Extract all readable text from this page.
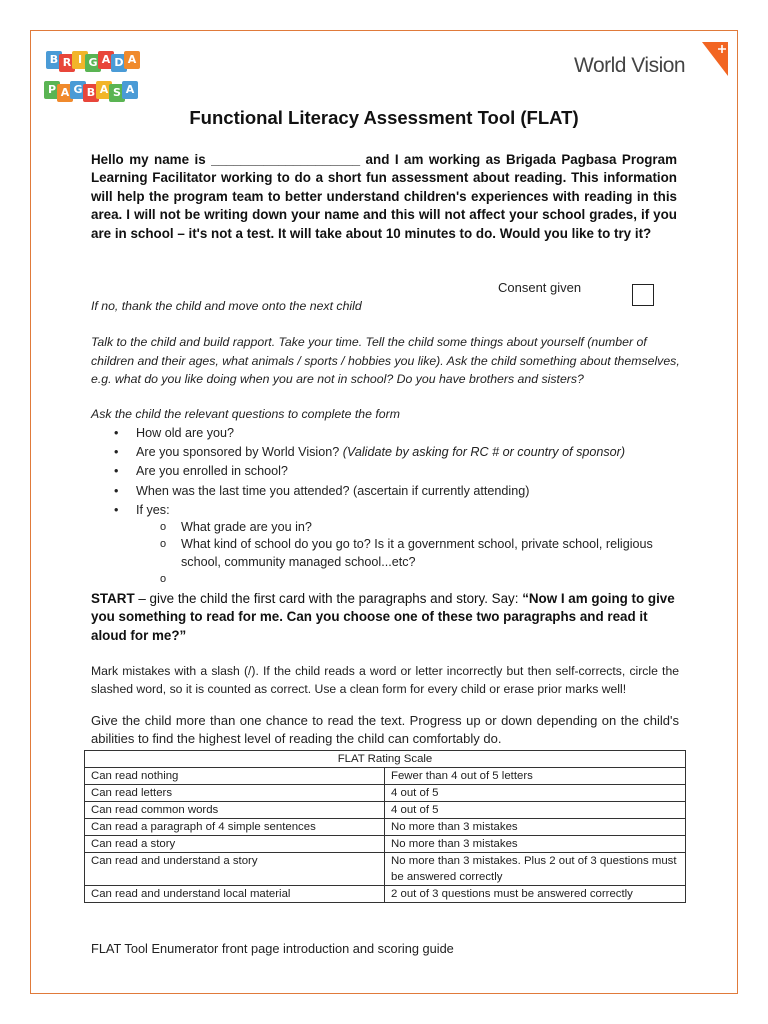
B R I G A D A
P A G B A S A
World Vision
Functional Literacy Assessment Tool (FLAT)
Hello my name is ____________________ and I am working as Brigada Pagbasa Program Learning Facilitator working to do a short fun assessment about reading. This information will help the program team to better understand children's experiences with reading in this area. I will not be writing down your name and this will not affect your school grades, if you are in school – it's not a test. It will take about 10 minutes to do. Would you like to try it?
Consent given
If no, thank the child and move onto the next child
Talk to the child and build rapport. Take your time. Tell the child some things about yourself (number of children and their ages, what animals / sports / hobbies you like). Ask the child something about themselves, e.g. what do you like doing when you are not in school? Do you have brothers and sisters?
Ask the child the relevant questions to complete the form
• How old are you?
• Are you sponsored by World Vision? (Validate by asking for RC # or country of sponsor)
• Are you enrolled in school?
• When was the last time you attended? (ascertain if currently attending)
• If yes:
o What grade are you in?
o What kind of school do you go to? Is it a government school, private school, religious school, community managed school...etc?
o

START – give the child the first card with the paragraphs and story. Say: “Now I am going to give you something to read for me. Can you choose one of these two paragraphs and read it aloud for me?”
Mark mistakes with a slash (/). If the child reads a word or letter incorrectly but then self-corrects, circle the slashed word, so it is counted as correct. Use a clean form for every child or erase prior marks well!
Give the child more than one chance to read the text. Progress up or down depending on the child's abilities to find the highest level of reading the child can comfortably do.
FLAT Rating Scale	
Can read nothing	Fewer than 4 out of 5 letters
Can read letters	4 out of 5
Can read common words	4 out of 5
Can read a paragraph of 4 simple sentences	No more than 3 mistakes
Can read a story	No more than 3 mistakes
Can read and understand a story	No more than 3 mistakes. Plus 2 out of 3 questions must be answered correctly
Can read and understand local material	2 out of 3 questions must be answered correctly
FLAT Tool Enumerator front page introduction and scoring guide
